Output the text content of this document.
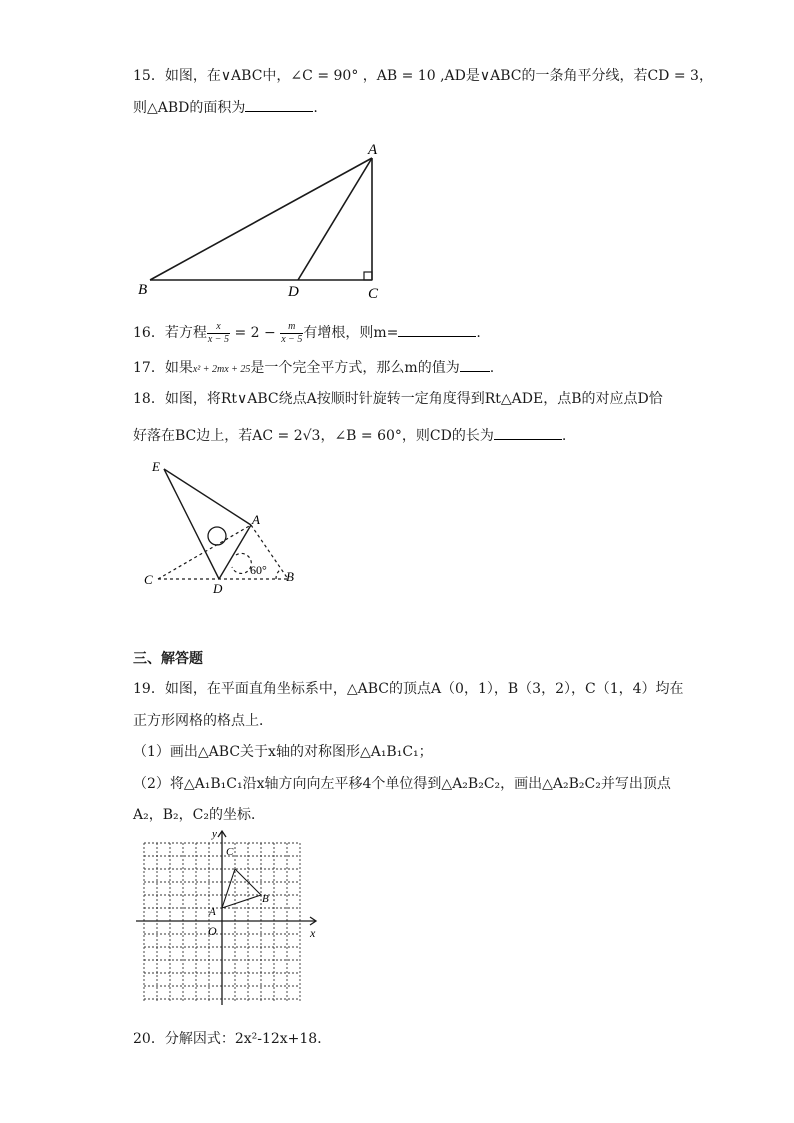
15．如图，在∨ABC中，∠C = 90° ，AB = 10 ,AD是∨ABC的一条角平分线，若CD = 3，
则△ABD的面积为	.
A
B	D	C
16．若方程 $\frac{x}{x - 5} = 2 - \frac{m}{x - 5}$ 有增根，则m=	.
17．如果x² + 2mx + 25是一个完全平方式，那么m的值为 .
18．如图，将Rt∨ABC绕点A按顺时针旋转一定角度得到Rt△ADE，点B的对应点D恰
好落在BC边上，若AC = 2√3，∠B = 60°，则CD的长为	.
E
A
C
D
B
60°
三、解答题
19．如图，在平面直角坐标系中，△ABC的顶点A（0，1），B（3，2），C（1，4）均在
正方形网格的格点上．
（1）画出△ABC关于x轴的对称图形△A₁B₁C₁；
（2）将△A₁B₁C₁沿x轴方向向左平移4个单位得到△A₂B₂C₂，画出△A₂B₂C₂并写出顶点
A₂，B₂，C₂的坐标．
y
x
O
A
B
C
20．分解因式：2x²-12x+18．
